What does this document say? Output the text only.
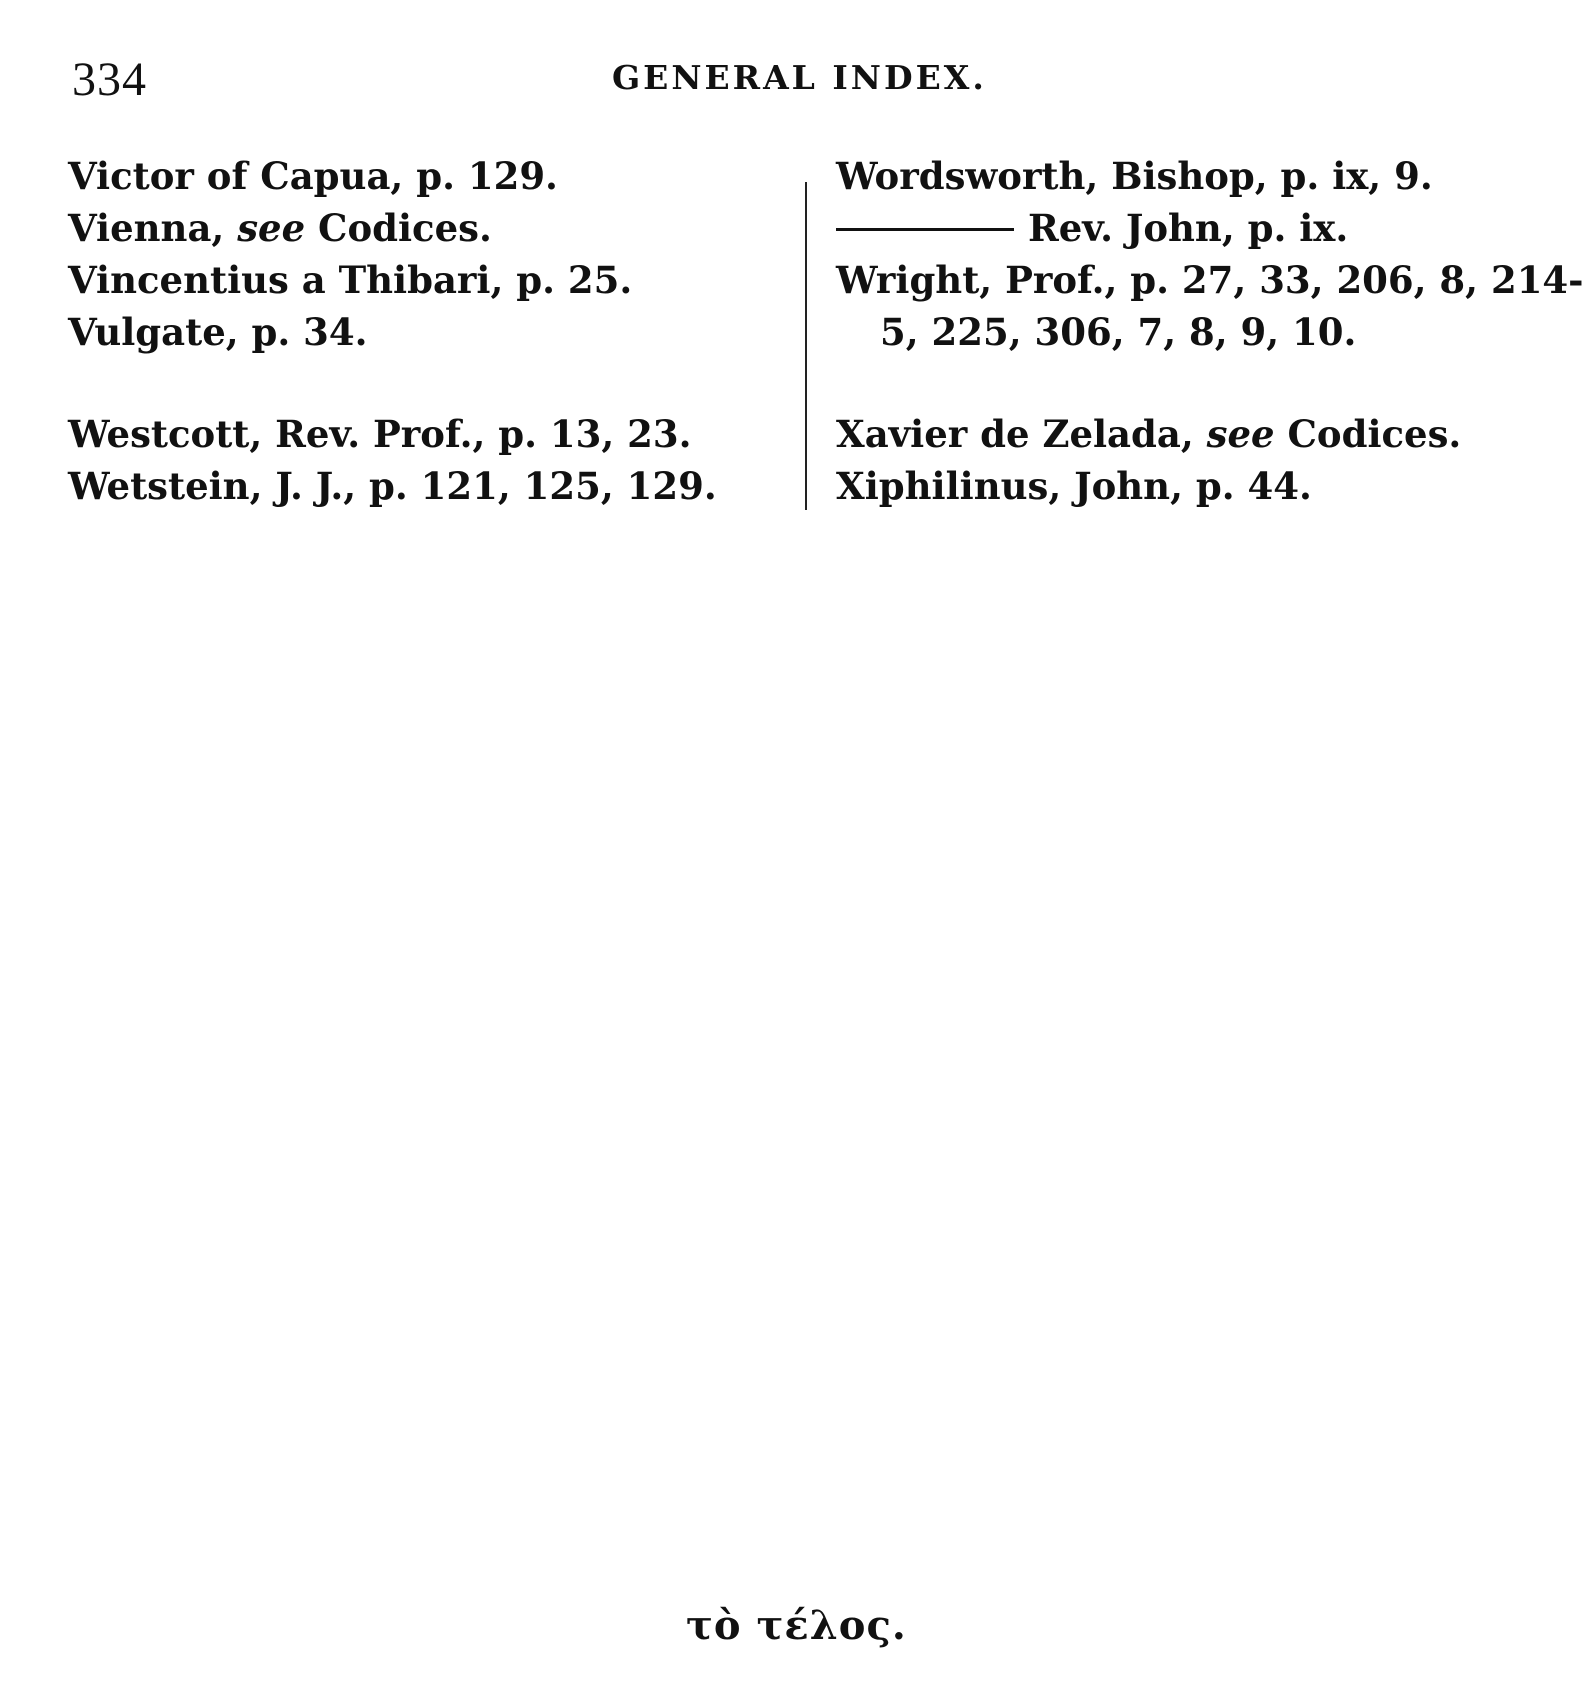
334	GENERAL INDEX.
Victor of Capua, p. 129.
Vienna, see Codices.
Vincentius a Thibari, p. 25.
Vulgate, p. 34.
Westcott, Rev. Prof., p. 13, 23.
Wetstein, J. J., p. 121, 125, 129.
Wordsworth, Bishop, p. ix, 9.
Rev. John, p. ix.
Wright, Prof., p. 27, 33, 206, 8, 214-
5, 225, 306, 7, 8, 9, 10.
Xavier de Zelada, see Codices.
Xiphilinus, John, p. 44.
τὸ τέλος.
